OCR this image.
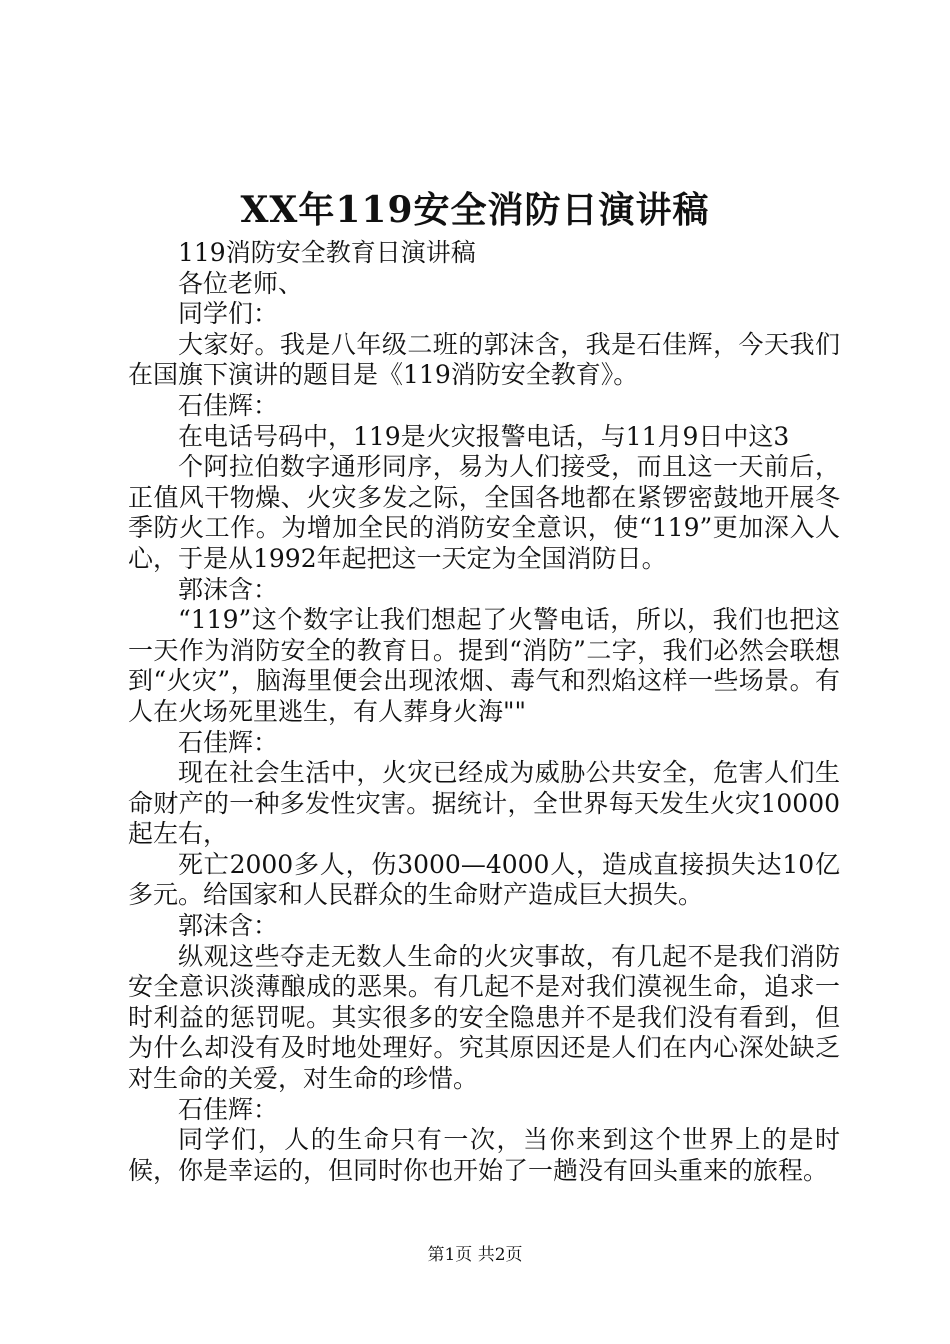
XX年119安全消防日演讲稿

119消防安全教育日演讲稿

各位老师、

同学们：

大家好。我是八年级二班的郭沫含，我是石佳辉，今天我们在国旗下演讲的题目是《119消防安全教育》。

石佳辉：

在电话号码中，119是火灾报警电话，与11月9日中这3

个阿拉伯数字通形同序，易为人们接受，而且这一天前后，正值风干物燥、火灾多发之际，全国各地都在紧锣密鼓地开展冬季防火工作。为增加全民的消防安全意识，使“119”更加深入人心，于是从1992年起把这一天定为全国消防日。

郭沫含：

“119”这个数字让我们想起了火警电话，所以，我们也把这一天作为消防安全的教育日。提到“消防”二字，我们必然会联想到“火灾”，脑海里便会出现浓烟、毒气和烈焰这样一些场景。有人在火场死里逃生，有人葬身火海""

石佳辉：

现在社会生活中，火灾已经成为威胁公共安全，危害人们生命财产的一种多发性灾害。据统计，全世界每天发生火灾10000起左右，

死亡2000多人，伤3000—4000人，造成直接损失达10亿多元。给国家和人民群众的生命财产造成巨大损失。

郭沫含：

纵观这些夺走无数人生命的火灾事故，有几起不是我们消防安全意识淡薄酿成的恶果。有几起不是对我们漠视生命，追求一时利益的惩罚呢。其实很多的安全隐患并不是我们没有看到，但为什么却没有及时地处理好。究其原因还是人们在内心深处缺乏对生命的关爱，对生命的珍惜。

石佳辉：

同学们，人的生命只有一次，当你来到这个世界上的是时候，你是幸运的，但同时你也开始了一趟没有回头重来的旅程。

第1页 共2页
